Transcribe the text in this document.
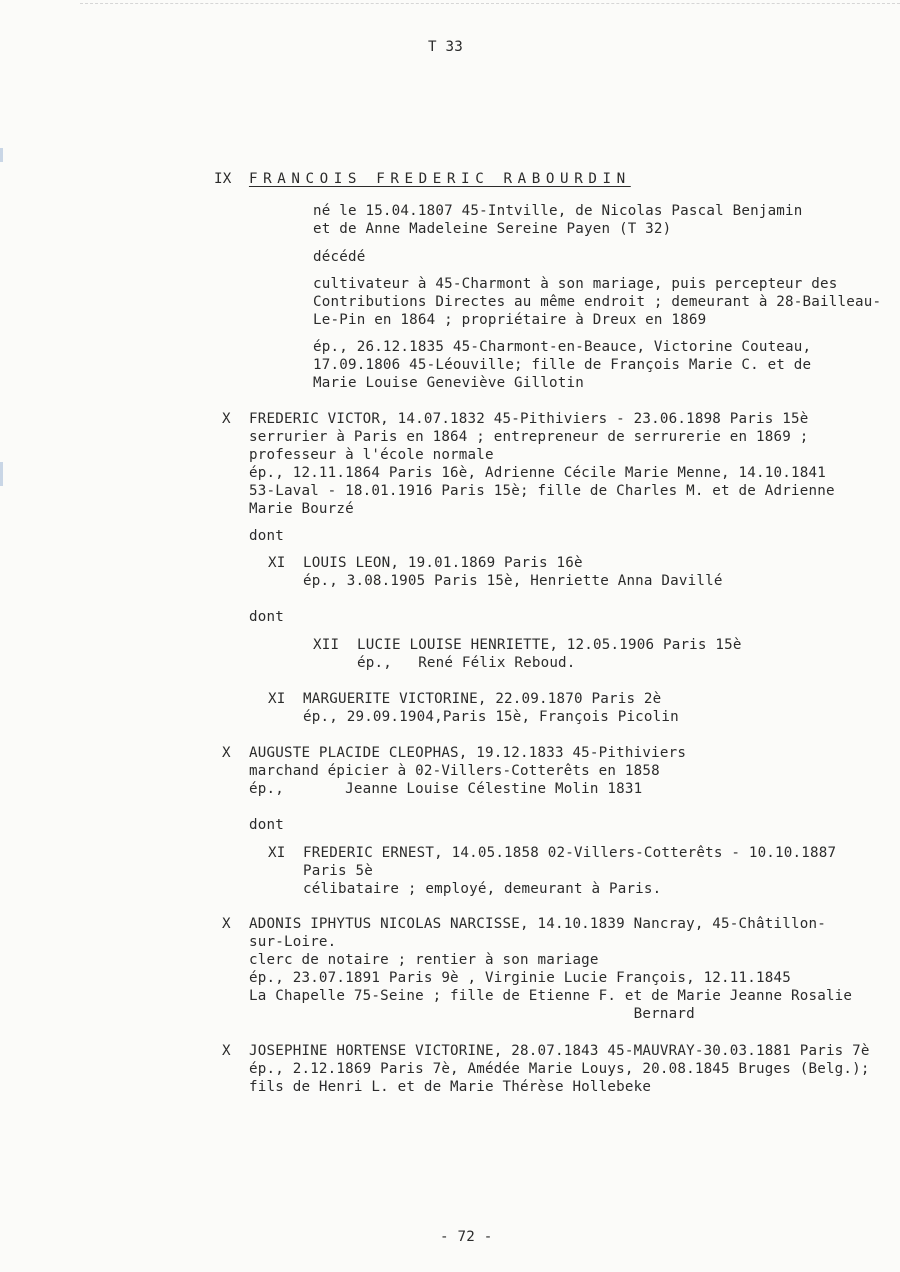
T 33

IX FRANCOIS FREDERIC RABOURDIN

né le 15.04.1807 45-Intville, de Nicolas Pascal Benjamin
et de Anne Madeleine Sereine Payen (T 32)
décédé
cultivateur à 45-Charmont à son mariage, puis percepteur des
Contributions Directes au même endroit ; demeurant à 28-Bailleau-
Le-Pin en 1864 ; propriétaire à Dreux en 1869
ép., 26.12.1835 45-Charmont-en-Beauce, Victorine Couteau,
17.09.1806 45-Léouville; fille de François Marie C. et de
Marie Louise Geneviève Gillotin
X FREDERIC VICTOR, 14.07.1832 45-Pithiviers - 23.06.1898 Paris 15è
serrurier à Paris en 1864 ; entrepreneur de serrurerie en 1869 ;
professeur à l'école normale
ép., 12.11.1864 Paris 16è, Adrienne Cécile Marie Menne, 14.10.1841
53-Laval - 18.01.1916 Paris 15è; fille de Charles M. et de Adrienne
Marie Bourzé
dont
XI LOUIS LEON, 19.01.1869 Paris 16è
ép., 3.08.1905 Paris 15è, Henriette Anna Davillé
dont
XII LUCIE LOUISE HENRIETTE, 12.05.1906 Paris 15è
ép.,   René Félix Reboud.
XI MARGUERITE VICTORINE, 22.09.1870 Paris 2è
ép., 29.09.1904,Paris 15è, François Picolin
X AUGUSTE PLACIDE CLEOPHAS, 19.12.1833 45-Pithiviers
marchand épicier à 02-Villers-Cotterêts en 1858
ép.,       Jeanne Louise Célestine Molin 1831
dont
XI FREDERIC ERNEST, 14.05.1858 02-Villers-Cotterêts - 10.10.1887
Paris 5è
célibataire ; employé, demeurant à Paris.
X ADONIS IPHYTUS NICOLAS NARCISSE, 14.10.1839 Nancray, 45-Châtillon-
sur-Loire.
clerc de notaire ; rentier à son mariage
ép., 23.07.1891 Paris 9è , Virginie Lucie François, 12.11.1845
La Chapelle 75-Seine ; fille de Etienne F. et de Marie Jeanne Rosalie
Bernard
X JOSEPHINE HORTENSE VICTORINE, 28.07.1843 45-MAUVRAY-30.03.1881 Paris 7è
ép., 2.12.1869 Paris 7è, Amédée Marie Louys, 20.08.1845 Bruges (Belg.);
fils de Henri L. et de Marie Thérèse Hollebeke
- 72 -
